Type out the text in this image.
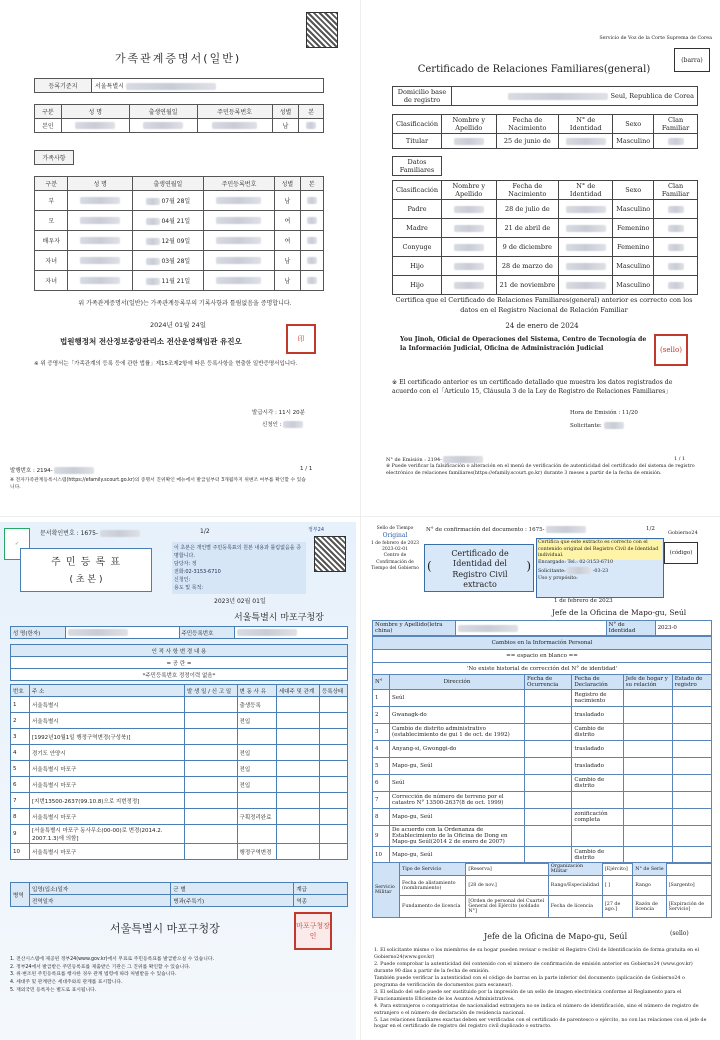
가족관계증명서(일반)
등록기준지	서울특별시
구분	성 명	출생연월일	주민등록번호	성별	본
본인				남	
가족사항
구분	성 명	출생연월일	주민등록번호	성별	본
부		07월 28일		남	
모		04월 21일		여	
배우자		12월 09일		여	
자녀		03월 28일		남	
자녀		11월 21일		남	
위 가족관계증명서(일반)는 가족관계등록부의 기록사항과 틀림없음을 증명합니다.
2024년 01월 24일
법원행정처 전산정보중앙관리소 전산운영책임관 유진오	印
※ 위 증명서는「가족관계의 등록 등에 관한 법률」제15조제2항에 따른 등록사항을 현출한 일반증명서입니다.
발급시각 : 11시 20분
신청인 :
발행번호 : 2194-	1 / 1
※ 전자가족관계등록시스템(https://efamily.scourt.go.kr)의 증명서 진위확인 메뉴에서 발급일부터 3개월까지 위변조 여부를 확인할 수 있습니다.
Servicio de Voz de la Corte Suprema de Corea
(barra)
Certificado de Relaciones Familiares(general)
Domicilio base de registro	Seul, Republica de Corea
Clasificación	Nombre y Apellido	Fecha de Nacimiento	N° de Identidad	Sexo	Clan Familiar
Titular		25 de junio de		Masculino	
Datos Familiares
Clasificación	Nombre y Apellido	Fecha de Nacimiento	N° de Identidad	Sexo	Clan Familiar
Padre		28 de julio de		Masculino	
Madre		21 de abril de		Femenino	
Conyuge		9 de diciembre		Femenino	
Hijo		28 de marzo de		Masculino	
Hijo		21 de noviembre		Masculino	
Certifica que el Certificado de Relaciones Familiares(general) anterior es correcto con los datos en el Registro Nacional de Relación Familiar
24 de enero de 2024
You Jinoh, Oficial de Operaciones del Sistema, Centro de Tecnología de la Información Judicial, Oficina de Administración Judicial	(sello)
※ El certificado anterior es un certificado detallado que muestra los datos registrados de acuerdo con el「Artículo 15, Cláusula 3 de la Ley de Registro de Relaciones Familiares」
Hora de Emisión : 11/20
Solicitante:
N° de Emisión : 2194-	1 / 1
※ Puede verificar la falsificación o alteración en el menú de verificación de autenticidad del certificado del sistema de registro electrónico de relaciones familiares(https://efamily.scourt.go.kr) durante 3 meses a partir de la fecha de emisión.
✓
문서확인번호 : 1675-	1/2	정부24
주 민 등 록 표
( 초 본 )
이 초본은 개인별 주민등록표의 원본 내용과 틀림없음을 증명합니다.
담당자: 정
전화:02-3153-6710
신청인:
용도 및 목적:
2023년 02월 01일
서울특별시 마포구청장
성 명(한자)		주민등록번호	
인 적 사 항 변 경 내 용
= 공 란 =
*주민등록번호 정정이력 없음*
번호	주 소	발 생 일 / 신 고 일	변 동 사 유	세대주 및 관계	등록상태
1	서울특별시		출생등록		
2	서울특별시		전입		
3	[1992년10월1일 행정구역변경(구성북)]				
4	경기도 안양시		전입		
5	서울특별시 마포구		전입		
6	서울특별시 마포구		전입		
7	[지번13500-2637(99.10.8)으로 지번정정]				
8	서울특별시 마포구		구획정리완료		
9	[서울특별시 마포구 동사무소(00-00)로 변경(2014.2. 2007.1.3)에 의함]				
10	서울특별시 마포구		행정구역변경		
병역	입영(입소)일자	군 별	계급
	전역일자	병과(주특기)	역종
서울특별시 마포구청장	마포구청장인
1. 전산시스템에 제공된 정부24(www.gov.kr)에서 무료로 주민등록표를 발급받으실 수 있습니다.
2. 정부24에서 발급받은 주민등록표를 제출받은 기관은 그 진위를 확인할 수 있습니다.
3. 위·변조된 주민등록표를 행사한 경우 관계 법령에 따라 처벌받을 수 있습니다.
4. 세대주 및 관계란은 세대주와의 관계를 표시합니다.
5. 재외국민 등록자는 별도로 표시됩니다.
Sello de Tiempo
Original
1 de febrero de 2023
2023-02-01
Centro de Confirmación de Tiempo del Gobierno
N° de confirmación del documento : 1675-	1/2
Gobierno24
(código)
(
Certificado de Identidad del Registro Civil extracto
)
Certifica que este extracto es correcto con el contenido original del Registro Civil de Identidad individual.
Encargado: Tel.: 02-3153-6710
Solicitante:	-03-23
Uso y propósito:
1 de febrero de 2023
Jefe de la Oficina de Mapo-gu, Seúl
Nombre y Apellido(letra china)		N° de Identidad	2023-0
Cambios en la Información Personal
== espacio en blanco ==
'No existe historial de corrección del N° de identidad'
N°	Dirección	Fecha de Ocurrencia	Fecha de Declaración	Jefe de hogar y su relación	Estado de registro
1	Seúl		Registro de nacimiento		
2	Gwanagk-do		trasladado		
3	Cambio de distrito administrativo (establecimiento de gui 1 de oct. de 1992)		Cambio de distrito		
4	Anyang-si, Gwonggi-do		trasladado		
5	Mapo-gu, Seúl		trasladado		
6	Seúl		Cambio de distrito		
7	Corrección de número de terreno por el catastro N° 13500-2637(8 de oct. 1999)				
8	Mapo-gu, Seúl		zonificación completa		
9	De acuerdo con la Ordenanza de Establecimiento de la Oficina de Dong en Mapo-gu Seúl(2014 2 de enero de 2007)				
10	Mapo-gu, Seúl		Cambio de distrito		
Servicio Militar	Tipo de Servicio	[Reserva]	Organización Militar	[Ejército]	N° de Serie	
	Fecha de alistamiento (nombramiento)	[28 de nov.]	Rango/Especialidad	[ ]	Rango	[Sargento]
	Fundamento de licencia	[Orden de personal del Cuartel General del Ejército (soldado N°]	Fecha de licencia	[27 de ago.]	Razón de licencia	[Expiración de Servicio]
Jefe de la Oficina de Mapo-gu, Seúl	(sello)
1. El solicitante mismo o los miembros de su hogar pueden revisar o recibir el Registro Civil de Identificación de forma gratuita en el Gobierno24(www.gov.kr)
2. Puede comprobar la autenticidad del contenido con el número de confirmación de emisión anterior en Gobierno24 (www.gov.kr) durante 90 días a partir de la fecha de emisión.
También puede verificar la autenticidad con el código de barras en la parte inferior del documento (aplicación de Gobierno24 o programa de verificación de documentos para escanear).
3. El sellado del sello puede ser sustituido por la impresión de un sello de imagen electrónica conforme al Reglamento para el Funcionamiento Eficiente de los Asuntos Administrativos.
4. Para extranjeros o compatriotas de nacionalidad extranjera no se indica el número de identificación, sino el número de registro de extranjero o el número de declaración de residencia nacional.
5. Las relaciones familiares exactas deben ser verificadas con el certificado de parentesco o ejército, no con las relaciones con el jefe de hogar en el certificado de registro del registro civil duplicado o extracto.
